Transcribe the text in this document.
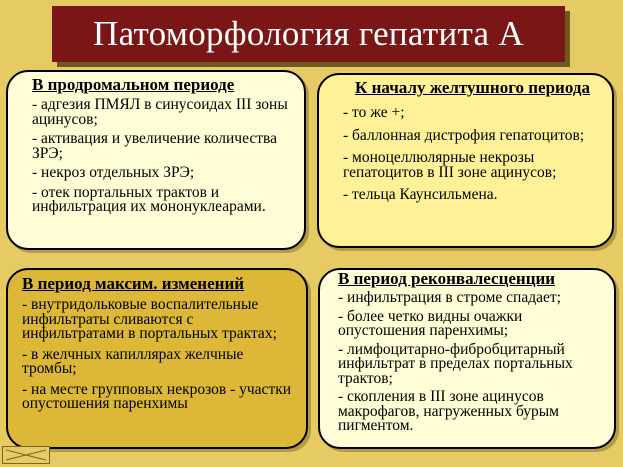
Патоморфология гепатита А
В продромальном периоде
- адгезия ПМЯЛ в синусоидах III зоны ацинусов;
- активация и увеличение количества ЗРЭ;
- некроз отдельных ЗРЭ;
- отек портальных трактов и инфильтрация их мононуклеарами.
К началу желтушного периода
- то же +;
- баллонная дистрофия гепатоцитов;
- моноцеллюлярные некрозы гепатоцитов в III зоне ацинусов;
- тельца Каунсильмена.
В период максим. изменений
- внутридольковые воспалительные инфильтраты сливаются с инфильтратами в портальных трактах;
- в желчных капиллярах желчные тромбы;
- на месте групповых некрозов - участки опустошения паренхимы
В период реконвалесценции
- инфильтрация в строме спадает;
- более четко видны очажки опустошения паренхимы;
- лимфоцитарно-фибробцитарный инфильтрат в пределах портальных трактов;
- скопления в III зоне ацинусов макрофагов, нагруженных бурым пигментом.
